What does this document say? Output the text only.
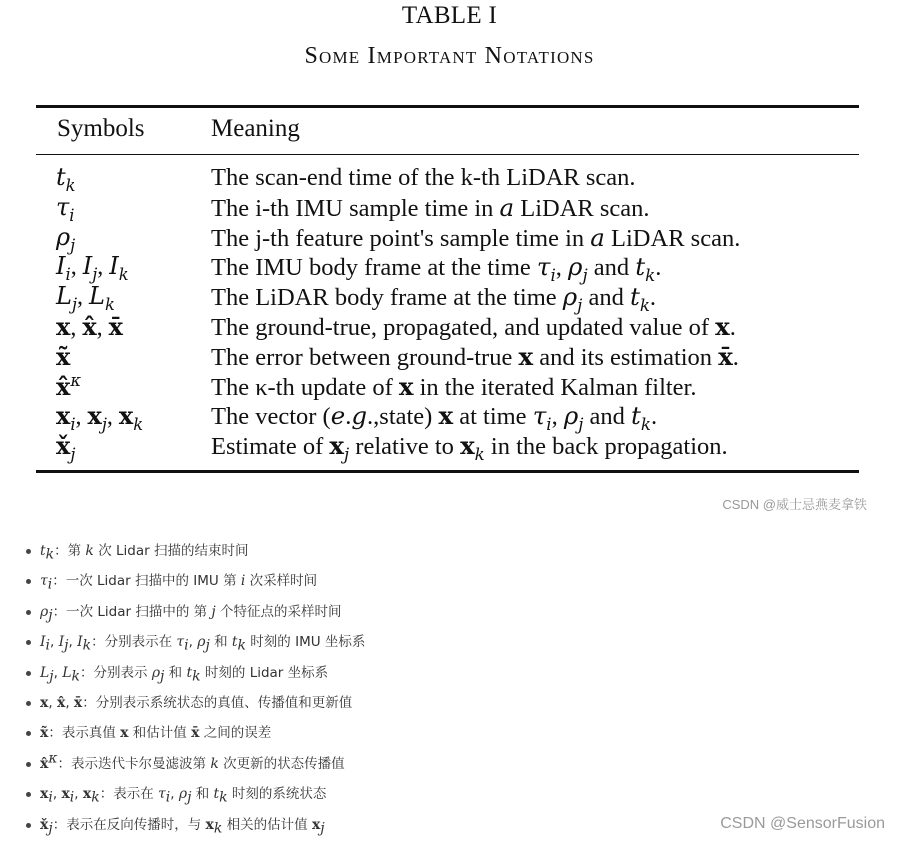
TABLE I
Some Important Notations
Symbols	Meaning
$t_k$	The scan-end time of the k-th LiDAR scan.
$\tau_i$	The i-th IMU sample time in a LiDAR scan.
$\rho_j$	The j-th feature point's sample time in a LiDAR scan.
$I_i$, $I_j$, $I_k$	The IMU body frame at the time $\tau_i$, $\rho_j$ and $t_k$.
$L_j$, $L_k$	The LiDAR body frame at the time $\rho_j$ and $t_k$.
x, x̂, x̄	The ground-true, propagated, and updated value of x.
x̃	The error between ground-true x and its estimation x̄.
x̂$^\kappa$	The κ-th update of x in the iterated Kalman filter.
$x_i$, $x_j$, $x_k$	The vector (e.g.,state) x at time $\tau_i$, $\rho_j$ and $t_k$.
$x̌_j$	Estimate of $x_j$ relative to $x_k$ in the back propagation.
CSDN @威士忌燕麦拿铁
$t_k$：第 k 次 Lidar 扫描的结束时间
$\tau_i$：一次 Lidar 扫描中的 IMU 第 i 次采样时间
$\rho_j$：一次 Lidar 扫描中的 第 j 个特征点的采样时间
$I_i$, $I_j$, $I_k$：分别表示在 $\tau_i$, $\rho_j$ 和 $t_k$ 时刻的 IMU 坐标系
$L_j$, $L_k$：分别表示 $\rho_j$ 和 $t_k$ 时刻的 Lidar 坐标系
x, x̂, x̄：分别表示系统状态的真值、传播值和更新值
x̃：表示真值 x 和估计值 x̄ 之间的误差
x̂$^\kappa$：表示迭代卡尔曼滤波第 k 次更新的状态传播值
$x_i$, $x_i$, $x_k$：表示在 $\tau_i$, $\rho_j$ 和 $t_k$ 时刻的系统状态
$x̌_j$：表示在反向传播时，与 $x_k$ 相关的估计值 $x_j$	CSDN @SensorFusion
